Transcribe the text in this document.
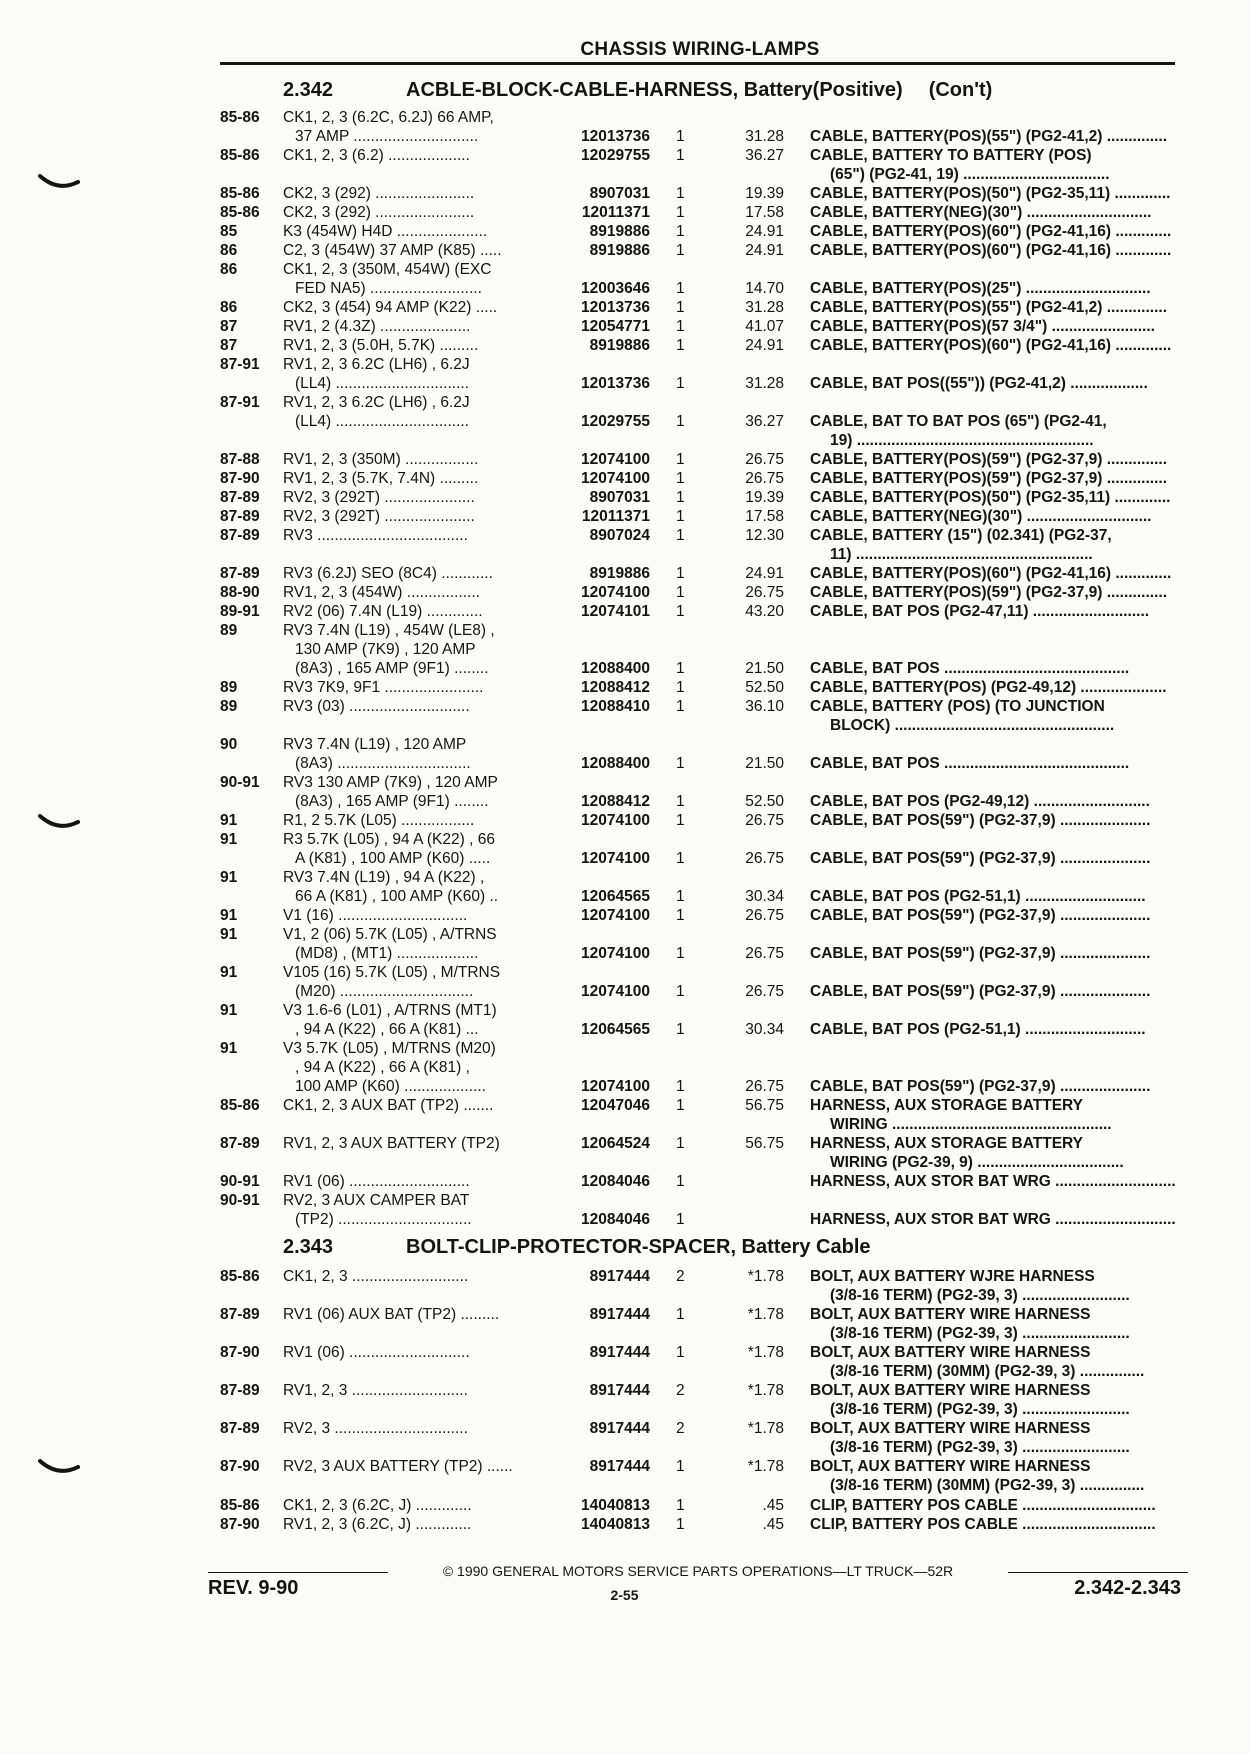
CHASSIS WIRING-LAMPS
2.342	ACBLE-BLOCK-CABLE-HARNESS, Battery(Positive) (Con't)
2.343	BOLT-CLIP-PROTECTOR-SPACER, Battery Cable
85-86 CK1, 2, 3 (6.2C, 6.2J) 66 AMP,
37 AMP .............................	12013736 1	31.28 CABLE, BATTERY(POS)(55") (PG2-41,2) ..............
85-86 CK1, 2, 3 (6.2) ...................	12029755 1	36.27 CABLE, BATTERY TO BATTERY (POS)
(65") (PG2-41, 19) ..................................
85-86 CK2, 3 (292) .......................	8907031 1	19.39 CABLE, BATTERY(POS)(50") (PG2-35,11) .............
85-86 CK2, 3 (292) .......................	12011371 1	17.58 CABLE, BATTERY(NEG)(30") .............................
85	K3 (454W) H4D .....................	8919886 1	24.91 CABLE, BATTERY(POS)(60") (PG2-41,16) .............
86	C2, 3 (454W) 37 AMP (K85) .....	8919886 1	24.91 CABLE, BATTERY(POS)(60") (PG2-41,16) .............
86	CK1, 2, 3 (350M, 454W) (EXC
FED NA5) ..........................	12003646 1	14.70 CABLE, BATTERY(POS)(25") .............................
86	CK2, 3 (454) 94 AMP (K22) .....	12013736 1	31.28 CABLE, BATTERY(POS)(55") (PG2-41,2) ..............
87	RV1, 2 (4.3Z) .....................	12054771 1	41.07 CABLE, BATTERY(POS)(57 3/4") ........................
87	RV1, 2, 3 (5.0H, 5.7K) .........	8919886 1	24.91 CABLE, BATTERY(POS)(60") (PG2-41,16) .............
87-91 RV1, 2, 3 6.2C (LH6) , 6.2J
(LL4) ...............................	12013736 1	31.28 CABLE, BAT POS((55")) (PG2-41,2) ..................
87-91 RV1, 2, 3 6.2C (LH6) , 6.2J
(LL4) ...............................	12029755 1	36.27 CABLE, BAT TO BAT POS (65") (PG2-41,
19) .......................................................
87-88 RV1, 2, 3 (350M) .................	12074100 1	26.75 CABLE, BATTERY(POS)(59") (PG2-37,9) ..............
87-90 RV1, 2, 3 (5.7K, 7.4N) .........	12074100 1	26.75 CABLE, BATTERY(POS)(59") (PG2-37,9) ..............
87-89 RV2, 3 (292T) .....................	8907031 1	19.39 CABLE, BATTERY(POS)(50") (PG2-35,11) .............
87-89 RV2, 3 (292T) .....................	12011371 1	17.58 CABLE, BATTERY(NEG)(30") .............................
87-89 RV3 ...................................	8907024 1	12.30 CABLE, BATTERY (15") (02.341) (PG2-37,
11) .......................................................
87-89 RV3 (6.2J) SEO (8C4) ............	8919886 1	24.91 CABLE, BATTERY(POS)(60") (PG2-41,16) .............
88-90 RV1, 2, 3 (454W) .................	12074100 1	26.75 CABLE, BATTERY(POS)(59") (PG2-37,9) ..............
89-91 RV2 (06) 7.4N (L19) .............	12074101 1	43.20 CABLE, BAT POS (PG2-47,11) ...........................
89	RV3 7.4N (L19) , 454W (LE8) ,
130 AMP (7K9) , 120 AMP
(8A3) , 165 AMP (9F1) ........	12088400 1	21.50 CABLE, BAT POS ...........................................
89	RV3 7K9, 9F1 .......................	12088412 1	52.50 CABLE, BATTERY(POS) (PG2-49,12) ....................
89	RV3 (03) ............................	12088410 1	36.10 CABLE, BATTERY (POS) (TO JUNCTION
BLOCK) ...................................................
90	RV3 7.4N (L19) , 120 AMP
(8A3) ...............................	12088400 1	21.50 CABLE, BAT POS ...........................................
90-91 RV3 130 AMP (7K9) , 120 AMP
(8A3) , 165 AMP (9F1) ........	12088412 1	52.50 CABLE, BAT POS (PG2-49,12) ...........................
91	R1, 2 5.7K (L05) .................	12074100 1	26.75 CABLE, BAT POS(59") (PG2-37,9) .....................
91	R3 5.7K (L05) , 94 A (K22) , 66
A (K81) , 100 AMP (K60) .....	12074100 1	26.75 CABLE, BAT POS(59") (PG2-37,9) .....................
91	RV3 7.4N (L19) , 94 A (K22) ,
66 A (K81) , 100 AMP (K60) ..	12064565 1	30.34 CABLE, BAT POS (PG2-51,1) ............................
91	V1 (16) ..............................	12074100 1	26.75 CABLE, BAT POS(59") (PG2-37,9) .....................
91	V1, 2 (06) 5.7K (L05) , A/TRNS
(MD8) , (MT1) ...................	12074100 1	26.75 CABLE, BAT POS(59") (PG2-37,9) .....................
91	V105 (16) 5.7K (L05) , M/TRNS
(M20) ...............................	12074100 1	26.75 CABLE, BAT POS(59") (PG2-37,9) .....................
91	V3 1.6-6 (L01) , A/TRNS (MT1)
, 94 A (K22) , 66 A (K81) ...	12064565 1	30.34 CABLE, BAT POS (PG2-51,1) ............................
91	V3 5.7K (L05) , M/TRNS (M20)
, 94 A (K22) , 66 A (K81) ,
100 AMP (K60) ...................	12074100 1	26.75 CABLE, BAT POS(59") (PG2-37,9) .....................
85-86 CK1, 2, 3 AUX BAT (TP2) .......	12047046 1	56.75 HARNESS, AUX STORAGE BATTERY
WIRING ...................................................
87-89 RV1, 2, 3 AUX BATTERY (TP2)	12064524 1	56.75 HARNESS, AUX STORAGE BATTERY
WIRING (PG2-39, 9) ..................................
90-91 RV1 (06) ............................	12084046 1	HARNESS, AUX STOR BAT WRG ............................
90-91 RV2, 3 AUX CAMPER BAT
(TP2) ...............................	12084046 1	HARNESS, AUX STOR BAT WRG ............................
85-86 CK1, 2, 3 ...........................	8917444 2	*1.78 BOLT, AUX BATTERY WJRE HARNESS
(3/8-16 TERM) (PG2-39, 3) .........................
87-89 RV1 (06) AUX BAT (TP2) .........	8917444 1	*1.78 BOLT, AUX BATTERY WIRE HARNESS
(3/8-16 TERM) (PG2-39, 3) .........................
87-90 RV1 (06) ............................	8917444 1	*1.78 BOLT, AUX BATTERY WIRE HARNESS
(3/8-16 TERM) (30MM) (PG2-39, 3) ...............
87-89 RV1, 2, 3 ...........................	8917444 2	*1.78 BOLT, AUX BATTERY WIRE HARNESS
(3/8-16 TERM) (PG2-39, 3) .........................
87-89 RV2, 3 ...............................	8917444 2	*1.78 BOLT, AUX BATTERY WIRE HARNESS
(3/8-16 TERM) (PG2-39, 3) .........................
87-90 RV2, 3 AUX BATTERY (TP2) ......	8917444 1	*1.78 BOLT, AUX BATTERY WIRE HARNESS
(3/8-16 TERM) (30MM) (PG2-39, 3) ...............
85-86 CK1, 2, 3 (6.2C, J) .............	14040813 1	.45 CLIP, BATTERY POS CABLE ...............................
87-90 RV1, 2, 3 (6.2C, J) .............	14040813 1	.45 CLIP, BATTERY POS CABLE ...............................
© 1990 GENERAL MOTORS SERVICE PARTS OPERATIONS—LT TRUCK—52R
REV. 9-90	2-55	2.342-2.343
